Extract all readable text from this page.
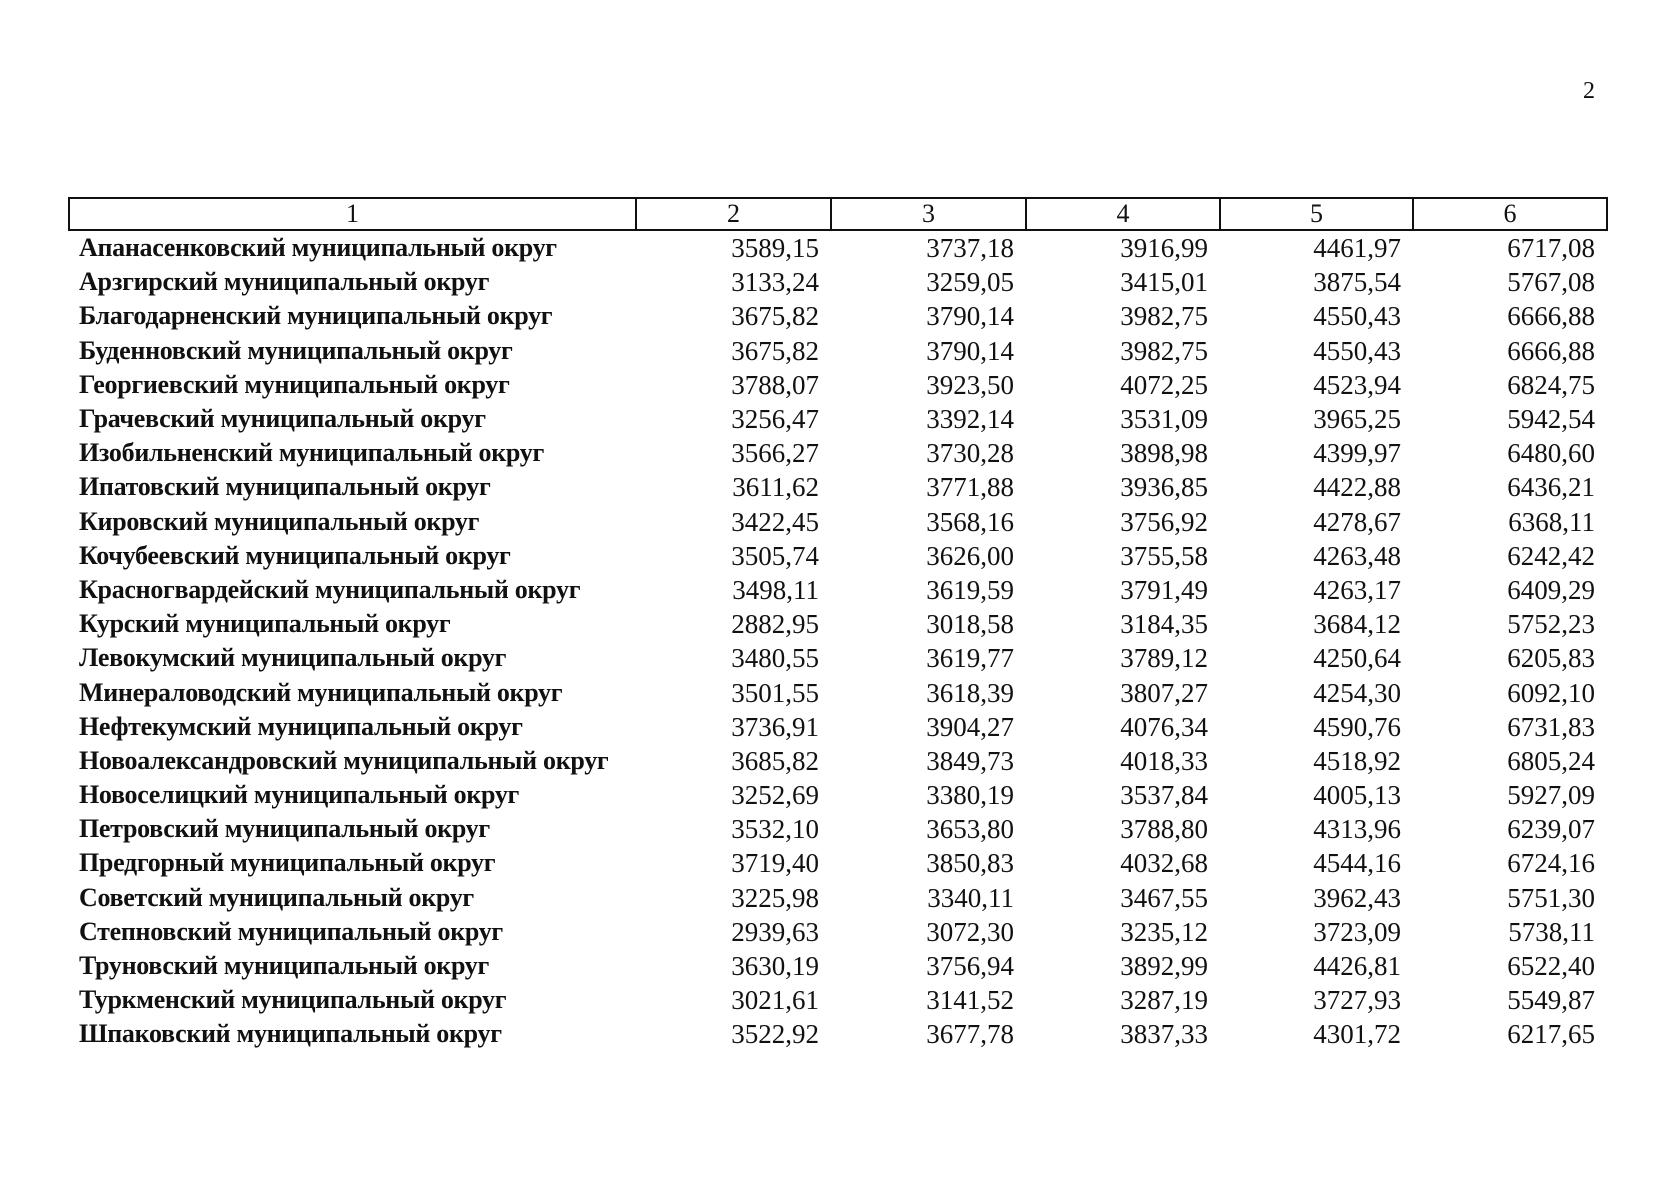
2
1	2	3	4	5	6
Апанасенковский муниципальный округ	3589,15	3737,18	3916,99	4461,97	6717,08
Арзгирский муниципальный округ	3133,24	3259,05	3415,01	3875,54	5767,08
Благодарненский муниципальный округ	3675,82	3790,14	3982,75	4550,43	6666,88
Буденновский муниципальный округ	3675,82	3790,14	3982,75	4550,43	6666,88
Георгиевский муниципальный округ	3788,07	3923,50	4072,25	4523,94	6824,75
Грачевский муниципальный округ	3256,47	3392,14	3531,09	3965,25	5942,54
Изобильненский муниципальный округ	3566,27	3730,28	3898,98	4399,97	6480,60
Ипатовский муниципальный округ	3611,62	3771,88	3936,85	4422,88	6436,21
Кировский муниципальный округ	3422,45	3568,16	3756,92	4278,67	6368,11
Кочубеевский муниципальный округ	3505,74	3626,00	3755,58	4263,48	6242,42
Красногвардейский муниципальный округ	3498,11	3619,59	3791,49	4263,17	6409,29
Курский муниципальный округ	2882,95	3018,58	3184,35	3684,12	5752,23
Левокумский муниципальный округ	3480,55	3619,77	3789,12	4250,64	6205,83
Минераловодский муниципальный округ	3501,55	3618,39	3807,27	4254,30	6092,10
Нефтекумский муниципальный округ	3736,91	3904,27	4076,34	4590,76	6731,83
Новоалександровский муниципальный округ	3685,82	3849,73	4018,33	4518,92	6805,24
Новоселицкий муниципальный округ	3252,69	3380,19	3537,84	4005,13	5927,09
Петровский муниципальный округ	3532,10	3653,80	3788,80	4313,96	6239,07
Предгорный муниципальный округ	3719,40	3850,83	4032,68	4544,16	6724,16
Советский муниципальный округ	3225,98	3340,11	3467,55	3962,43	5751,30
Степновский муниципальный округ	2939,63	3072,30	3235,12	3723,09	5738,11
Труновский муниципальный округ	3630,19	3756,94	3892,99	4426,81	6522,40
Туркменский муниципальный округ	3021,61	3141,52	3287,19	3727,93	5549,87
Шпаковский муниципальный округ	3522,92	3677,78	3837,33	4301,72	6217,65
